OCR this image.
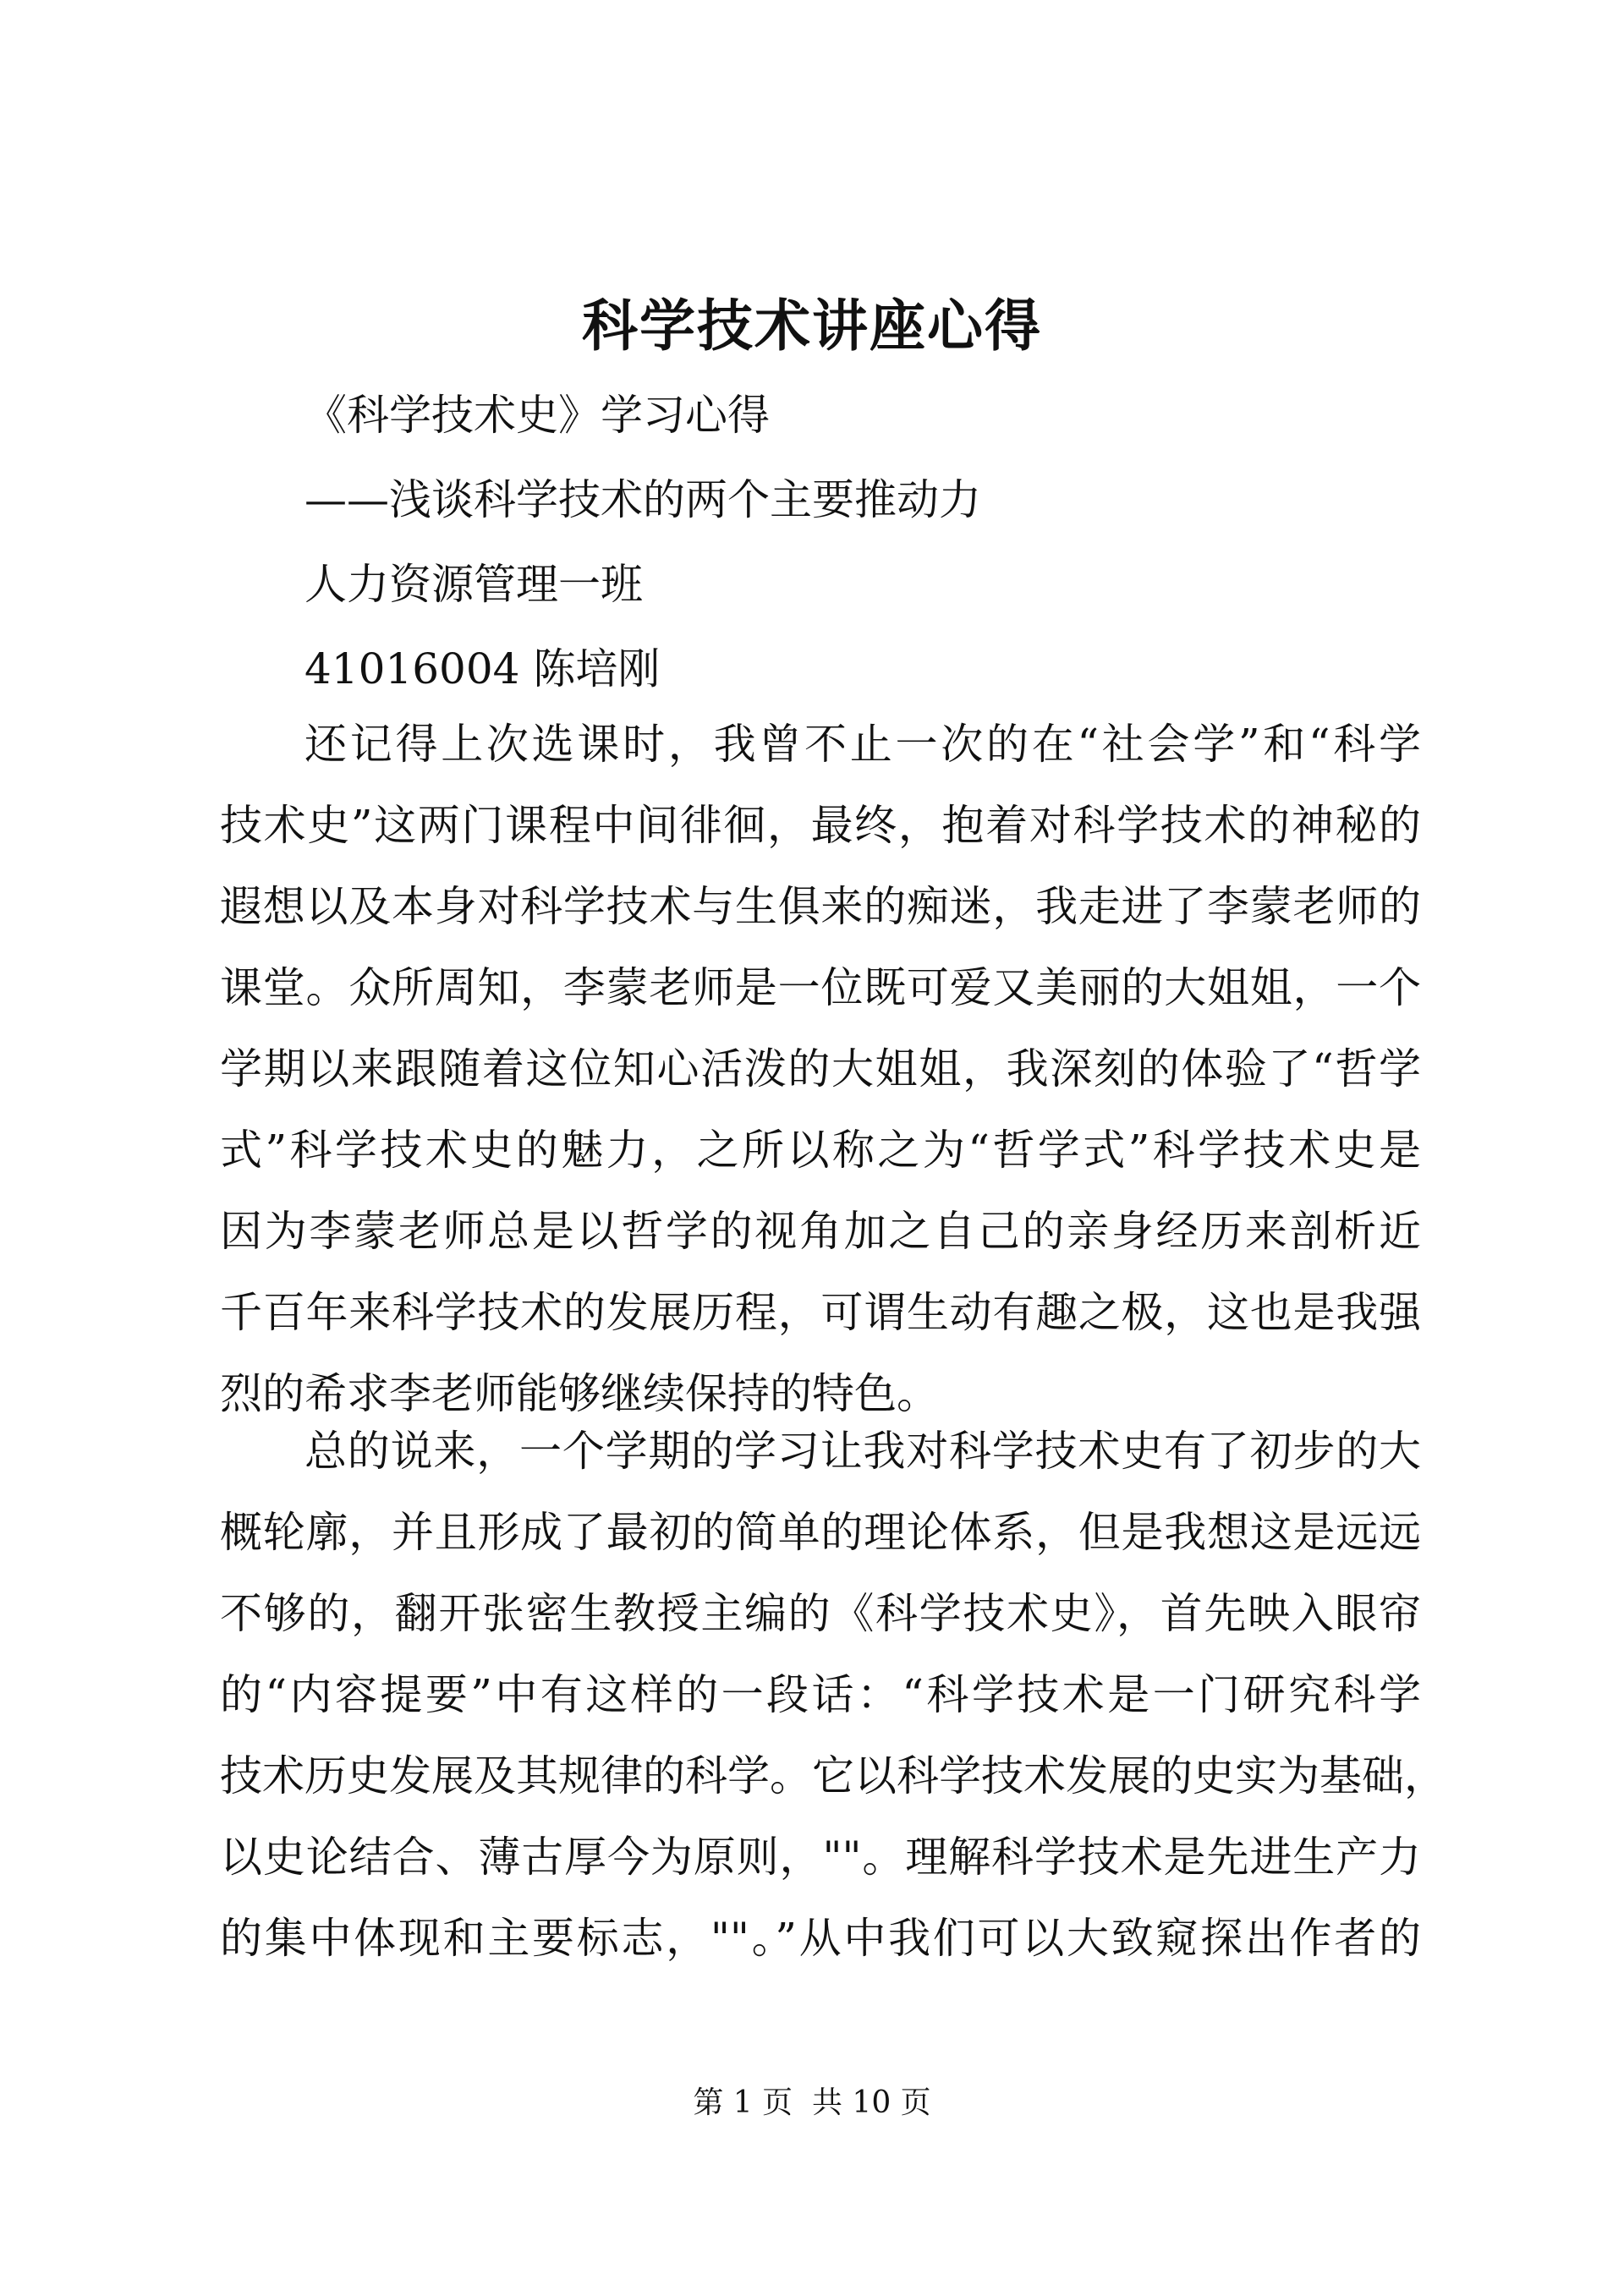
科学技术讲座心得
《科学技术史》学习心得
——浅谈科学技术的两个主要推动力
人力资源管理一班
41016004 陈培刚
还记得上次选课时，我曾不止一次的在“社会学”和“科学
技术史”这两门课程中间徘徊，最终，抱着对科学技术的神秘的
遐想以及本身对科学技术与生俱来的痴迷，我走进了李蒙老师的
课堂。众所周知，李蒙老师是一位既可爱又美丽的大姐姐，一个
学期以来跟随着这位知心活泼的大姐姐，我深刻的体验了“哲学
式”科学技术史的魅力，之所以称之为“哲学式”科学技术史是
因为李蒙老师总是以哲学的视角加之自己的亲身经历来剖析近
千百年来科学技术的发展历程，可谓生动有趣之极，这也是我强
烈的希求李老师能够继续保持的特色。
总的说来，一个学期的学习让我对科学技术史有了初步的大
概轮廓，并且形成了最初的简单的理论体系，但是我想这是远远
不够的，翻开张密生教授主编的《科学技术史》，首先映入眼帘
的“内容提要”中有这样的一段话：“科学技术是一门研究科学
技术历史发展及其规律的科学。它以科学技术发展的史实为基础，
以史论结合、薄古厚今为原则，""。理解科学技术是先进生产力
的集中体现和主要标志，""。”从中我们可以大致窥探出作者的
第 1 页  共 10 页
